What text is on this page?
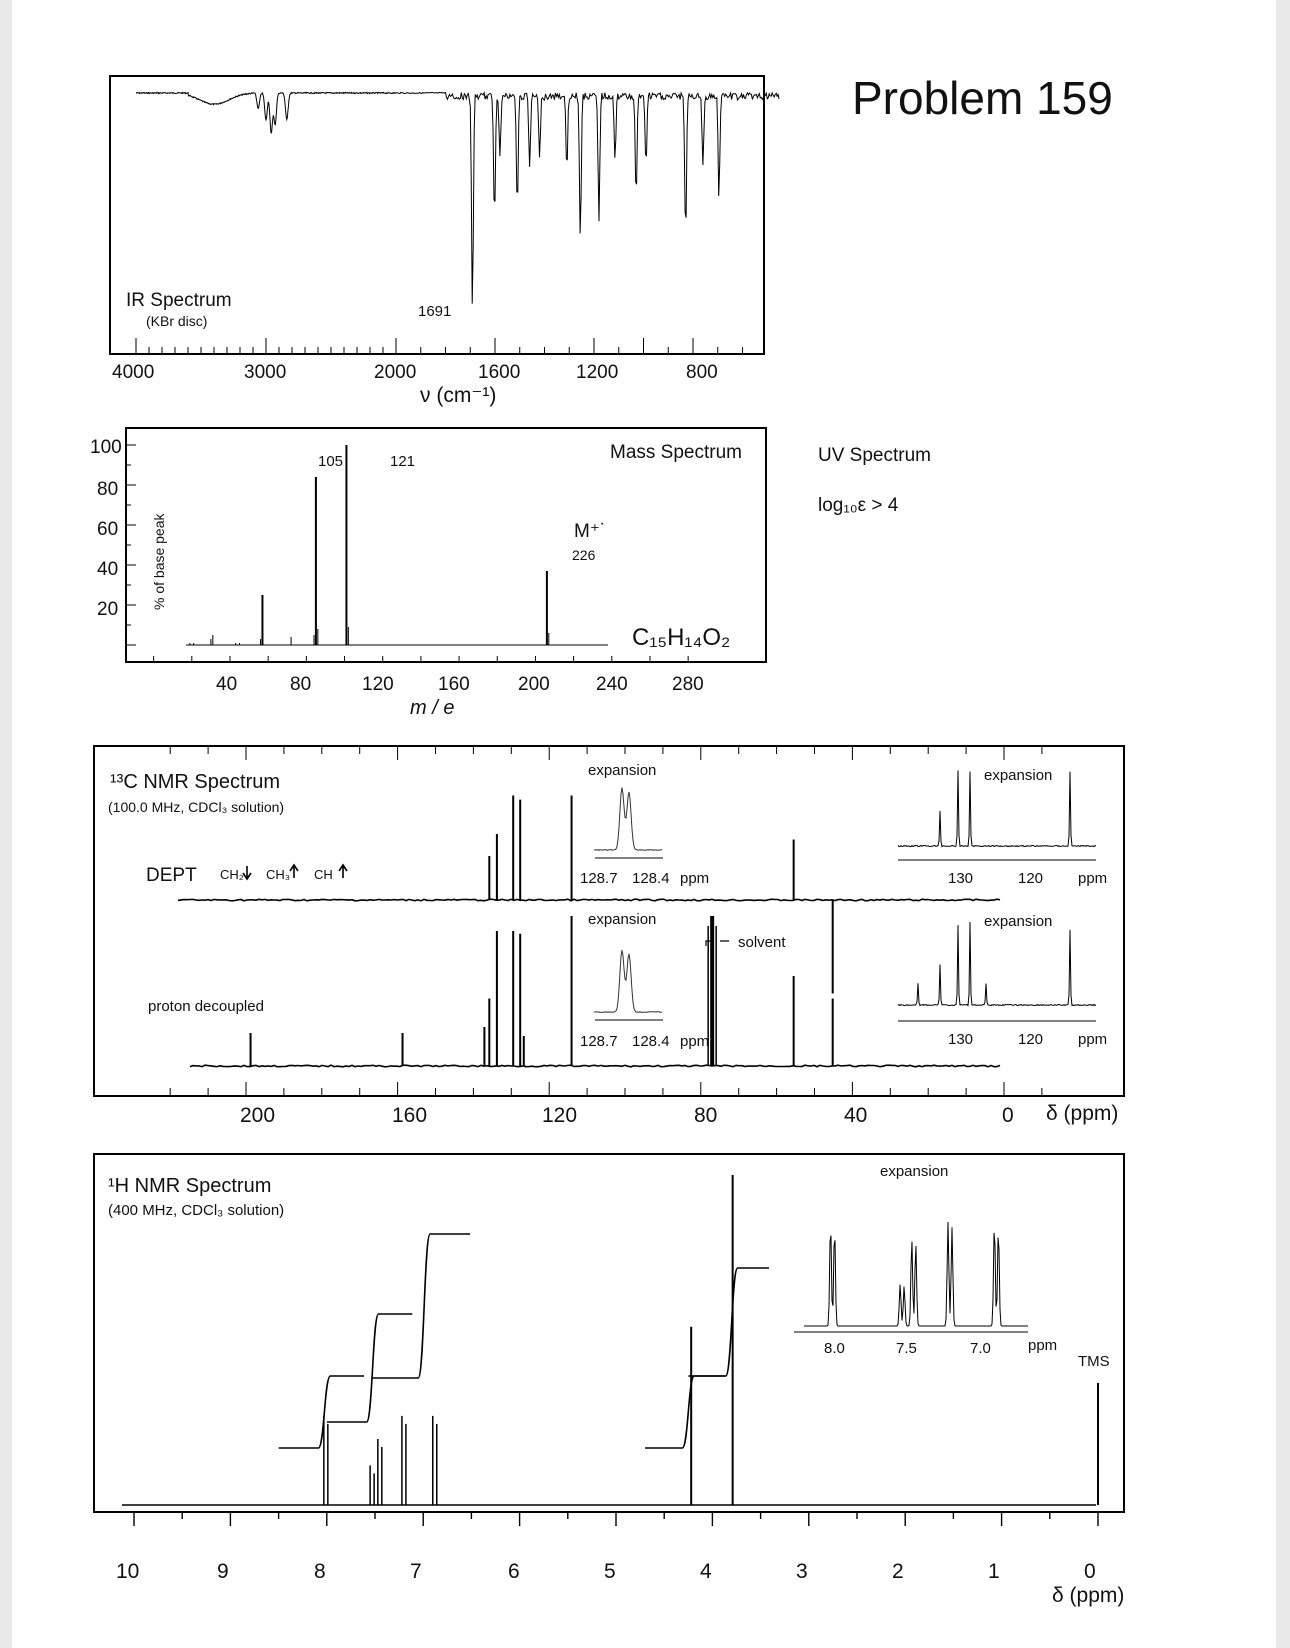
Problem 159
IR Spectrum
(KBr disc)
1691
4000	3000	2000	1600	1200	800
ν (cm⁻¹)
UV Spectrum
log₁₀ε > 4
Mass Spectrum
105	121
M⁺˙
226
C₁₅H₁₄O₂
100
80
60
40
20 % of base peak
40	80	120 160	200 240 280
m / e
¹³C NMR Spectrum
(100.0 MHz, CDCl₃ solution)
DEPT CH₂ CH₃ CH
proton decoupled
solvent
expansion
128.7 128.4 ppm
expansion
130	120 ppm
expansion
128.7 128.4 ppm
expansion
130	120 ppm
200	160	120	80	40	0 δ (ppm)
¹H NMR Spectrum
(400 MHz, CDCl₃ solution)
expansion
8.0	7.5	7.0 ppm
TMS
10	9	8	7	6	5	4	3	2	1	0
δ (ppm)
